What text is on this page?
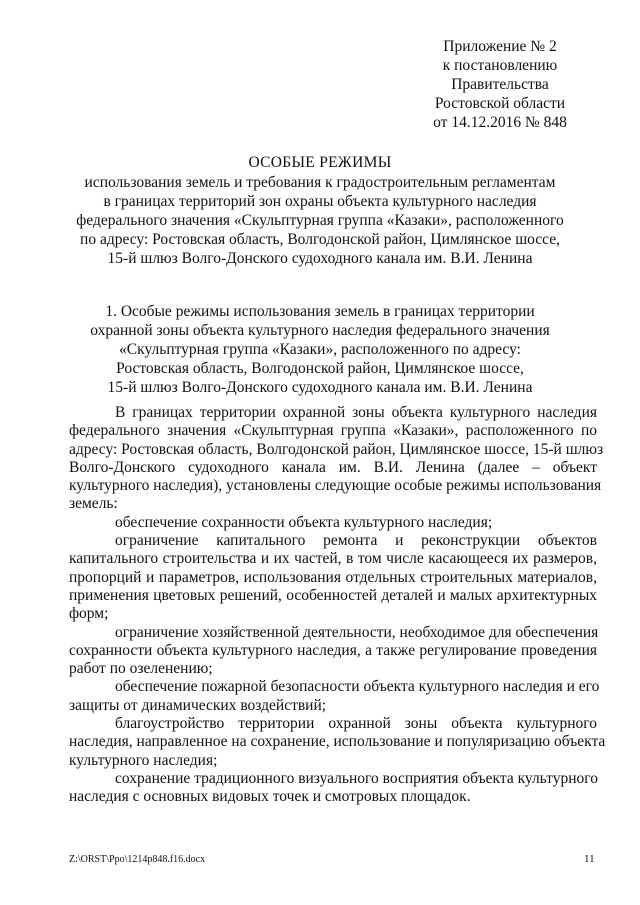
Приложение № 2
к постановлению
Правительства
Ростовской области
от 14.12.2016 № 848
ОСОБЫЕ РЕЖИМЫ
использования земель и требования к градостроительным регламентам
в границах территорий зон охраны объекта культурного наследия
федерального значения «Скульптурная группа «Казаки», расположенного
по адресу: Ростовская область, Волгодонской район, Цимлянское шоссе,
15-й шлюз Волго-Донского судоходного канала им. В.И. Ленина
1. Особые режимы использования земель в границах территории
охранной зоны объекта культурного наследия федерального значения
«Скульптурная группа «Казаки», расположенного по адресу:
Ростовская область, Волгодонской район, Цимлянское шоссе,
15-й шлюз Волго-Донского судоходного канала им. В.И. Ленина
В границах территории охранной зоны объекта культурного наследия
федерального значения «Скульптурная группа «Казаки», расположенного по
адресу: Ростовская область, Волгодонской район, Цимлянское шоссе, 15-й шлюз
Волго-Донского судоходного канала им. В.И. Ленина (далее – объект
культурного наследия), установлены следующие особые режимы использования
земель:
обеспечение сохранности объекта культурного наследия;
ограничение капитального ремонта и реконструкции объектов
капитального строительства и их частей, в том числе касающееся их размеров,
пропорций и параметров, использования отдельных строительных материалов,
применения цветовых решений, особенностей деталей и малых архитектурных
форм;
ограничение хозяйственной деятельности, необходимое для обеспечения
сохранности объекта культурного наследия, а также регулирование проведения
работ по озеленению;
обеспечение пожарной безопасности объекта культурного наследия и его
защиты от динамических воздействий;
благоустройство территории охранной зоны объекта культурного
наследия, направленное на сохранение, использование и популяризацию объекта
культурного наследия;
сохранение традиционного визуального восприятия объекта культурного
наследия с основных видовых точек и смотровых площадок.
Z:\ORST\Ppo\1214p848.f16.docx	11
